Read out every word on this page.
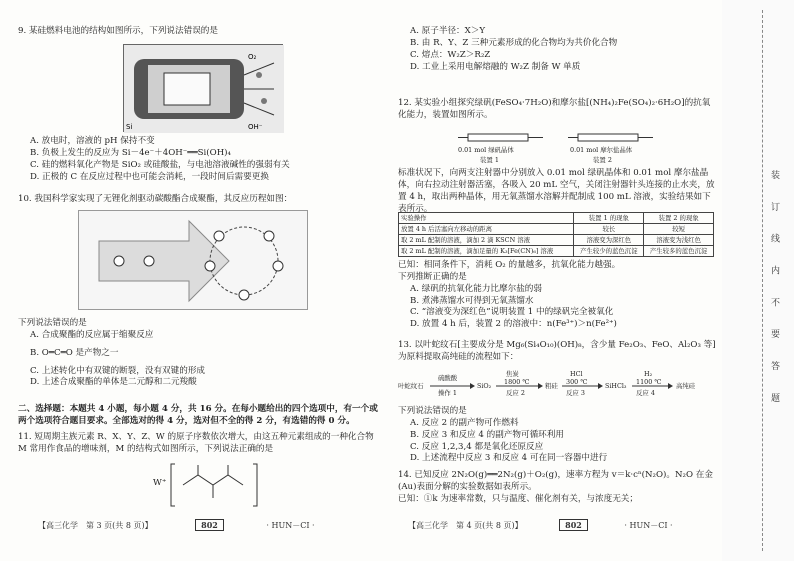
9. 某硅燃料电池的结构如图所示，下列说法错误的是
O₂
OH⁻
Si
A. 放电时，溶液的 pH 保持不变
B. 负极上发生的反应为 Si－4e⁻＋4OH⁻══Si(OH)₄
C. 硅的燃料氧化产物是 SiO₂ 或硅酸盐，与电池溶液碱性的强弱有关
D. 正极的 C 在反应过程中也可能会消耗，一段时间后需要更换
10. 我国科学家实现了无锂化剂驱动碳酸酯合成聚酯，其反应历程如图：
下列说法错误的是
A. 合成聚酯的反应属于缩聚反应
B. O═C═O 是产物之一
C. 上述转化中有双键的断裂，没有双键的形成
D. 上述合成聚酯的单体是二元醇和二元羧酸
二、选择题：本题共 4 小题，每小题 4 分，共 16 分。在每小题给出的四个选项中，有一个或两个选项符合题目要求。全部选对的得 4 分，选对但不全的得 2 分，有选错的得 0 分。
11. 短周期主族元素 R、X、Y、Z、W 的原子序数依次增大，由这五种元素组成的一种化合物 M 常用作食品的增味剂，M 的结构式如图所示，下列说法正确的是
W⁺
【高三化学　第 3 页(共 8 页)】	802	· HUN－CI ·
A. 原子半径：X＞Y
B. 由 R、Y、Z 三种元素形成的化合物均为共价化合物
C. 熔点：W₂Z＞R₂Z
D. 工业上采用电解熔融的 W₂Z 制备 W 单质
12. 某实验小组探究绿矾(FeSO₄·7H₂O)和摩尔盐[(NH₄)₂Fe(SO₄)₂·6H₂O]的抗氧化能力，装置如图所示。
0.01 mol 绿矾晶体
装置 1
0.01 mol 摩尔盐晶体
装置 2
标准状况下，向两支注射器中分别放入 0.01 mol 绿矾晶体和 0.01 mol 摩尔盐晶体，向右拉动注射器活塞，各吸入 20 mL 空气，关闭注射器针头连接的止水夹，放置 4 h，取出两种晶体，用无氧蒸馏水溶解并配制成 100 mL 溶液，实验结果如下表所示。
实验操作	装置 1 的现象	装置 2 的现象
放置 4 h 后活塞向左移动的距离	较长	较短
取 2 mL 配制的溶液，滴加 2 滴 KSCN 溶液	溶液变为深红色	溶液变为浅红色
取 2 mL 配制的溶液，滴加足量的 K₃[Fe(CN)₆] 溶液	产生较少的蓝色沉淀	产生较多的蓝色沉淀
已知：相同条件下，消耗 O₂ 的量越多，抗氧化能力越强。
下列推断正确的是
A. 绿矾的抗氧化能力比摩尔盐的弱
B. 煮沸蒸馏水可得到无氧蒸馏水
C. “溶液变为深红色”说明装置 1 中的绿矾完全被氧化
D. 放置 4 h 后，装置 2 的溶液中：n(Fe³⁺)＞n(Fe²⁺)
13. 以叶蛇纹石[主要成分是 Mg₆(Si₄O₁₀)(OH)₈，含少量 Fe₂O₃、FeO、Al₂O₃ 等]为原料提取高纯硅的流程如下：
叶蛇纹石
硫酸酸
操作 1
SiO₂
焦炭
1800 ℃
反应 2
粗硅
HCl
300 ℃
反应 3
SiHCl₃
H₂
1100 ℃
反应 4
高纯硅
下列说法错误的是
A. 反应 2 的副产物可作燃料
B. 反应 3 和反应 4 的副产物可循环利用
C. 反应 1,2,3,4 都是氧化还原反应
D. 上述流程中反应 3 和反应 4 可在同一容器中进行
14. 已知反应 2N₂O(g)══2N₂(g)＋O₂(g)，速率方程为 v＝k·cⁿ(N₂O)。N₂O 在金(Au)表面分解的实验数据如表所示。
已知：①k 为速率常数，只与温度、催化剂有关，与浓度无关；
【高三化学　第 4 页(共 8 页)】	802	· HUN－CI ·
装 订 线 内 不 要 答 题
